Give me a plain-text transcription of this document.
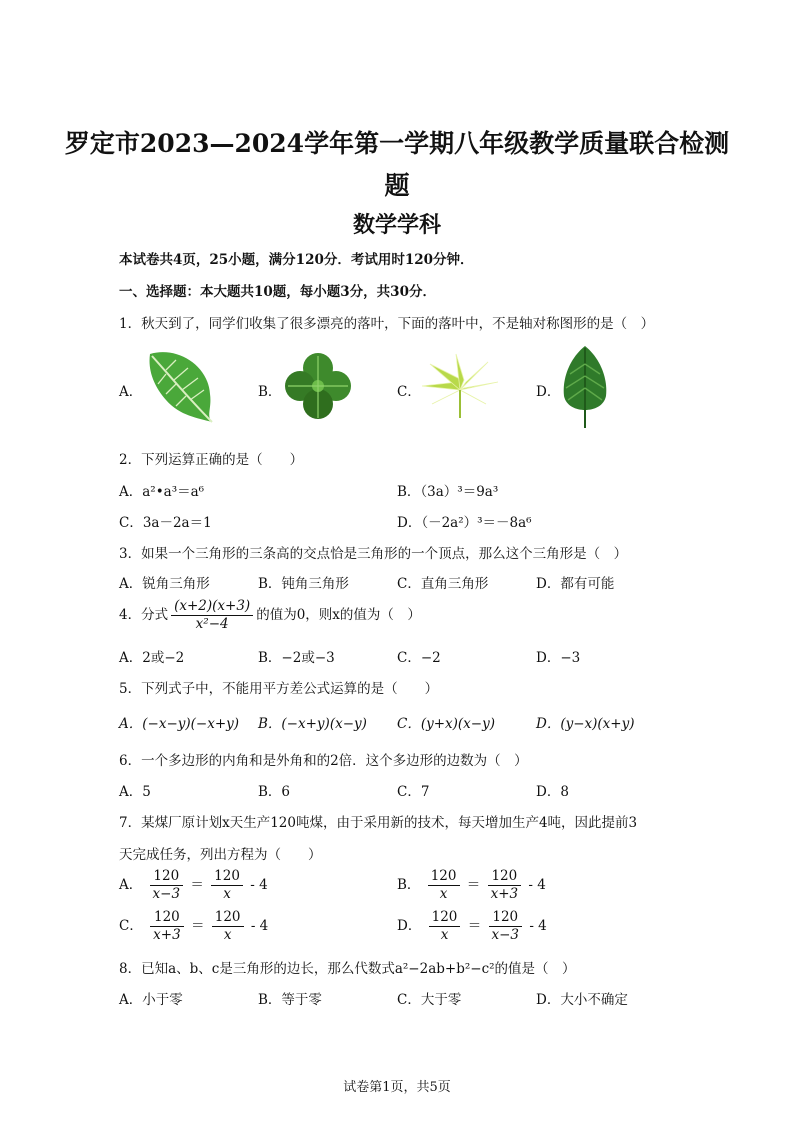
罗定市2023—2024学年第一学期八年级教学质量联合检测
题
数学学科
本试卷共4页，25小题，满分120分．考试用时120分钟．
一、选择题：本大题共10题，每小题3分，共30分．
1．秋天到了，同学们收集了很多漂亮的落叶，下面的落叶中，不是轴对称图形的是（　）
A．	B．	C．	D．
2．下列运算正确的是（　　）
A．a²•a³＝a⁶	B．（3a）³＝9a³
C．3a－2a＝1	D．（－2a²）³＝－8a⁶
3．如果一个三角形的三条高的交点恰是三角形的一个顶点，那么这个三角形是（　）
A．锐角三角形	B．钝角三角形	C．直角三角形	D．都有可能
4．分式 $\frac{(x+2)(x+3)}{\text{x²−4}}$ 的值为0，则x的值为（　）
A．2或−2	B．−2或−3	C．−2	D．−3
5．下列式子中，不能用平方差公式运算的是（　　）
A．(−x−y)(−x+y) B．(−x+y)(x−y) C．(y+x)(x−y)	D．(y−x)(x+y)
6．一个多边形的内角和是外角和的2倍．这个多边形的边数为（　）
A．5	B．6	C．7	D．8
7．某煤厂原计划x天生产120吨煤，由于采用新的技术，每天增加生产4吨，因此提前3
天完成任务，列出方程为（　　）
A． $\frac{120}{x-3} = \frac{120}{x} - 4$	B． $\frac{120}{x} = \frac{120}{x+3} - 4$
C． $\frac{120}{x+3} = \frac{120}{x} - 4$	D． $\frac{120}{x} = \frac{120}{x-3} - 4$
8．已知a、b、c是三角形的边长，那么代数式a²−2ab+b²−c²的值是（　）
A．小于零	B．等于零	C．大于零	D．大小不确定
试卷第1页，共5页
